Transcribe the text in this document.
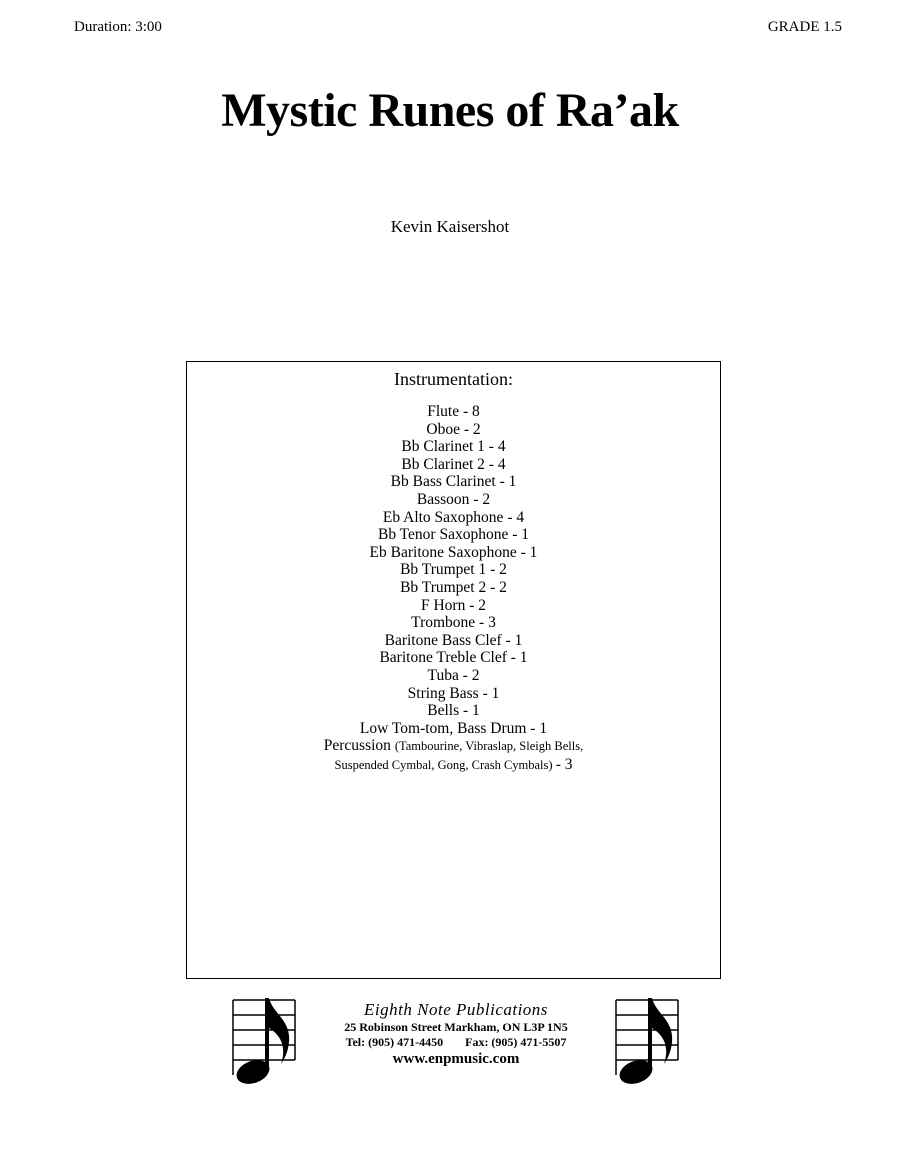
Duration: 3:00	GRADE 1.5
Mystic Runes of Ra’ak
Kevin Kaisershot
Instrumentation:
Flute - 8
Oboe - 2
Bb Clarinet 1 - 4
Bb Clarinet 2 - 4
Bb Bass Clarinet - 1
Bassoon - 2
Eb Alto Saxophone - 4
Bb Tenor Saxophone - 1
Eb Baritone Saxophone - 1
Bb Trumpet 1 - 2
Bb Trumpet 2 - 2
F Horn - 2
Trombone - 3
Baritone Bass Clef - 1
Baritone Treble Clef - 1
Tuba - 2
String Bass - 1
Bells - 1
Low Tom-tom, Bass Drum - 1
Percussion (Tambourine, Vibraslap, Sleigh Bells,
Suspended Cymbal, Gong, Crash Cymbals) - 3
Eighth Note Publications
25 Robinson Street Markham, ON L3P 1N5
Tel: (905) 471-4450 Fax: (905) 471-5507
www.enpmusic.com
